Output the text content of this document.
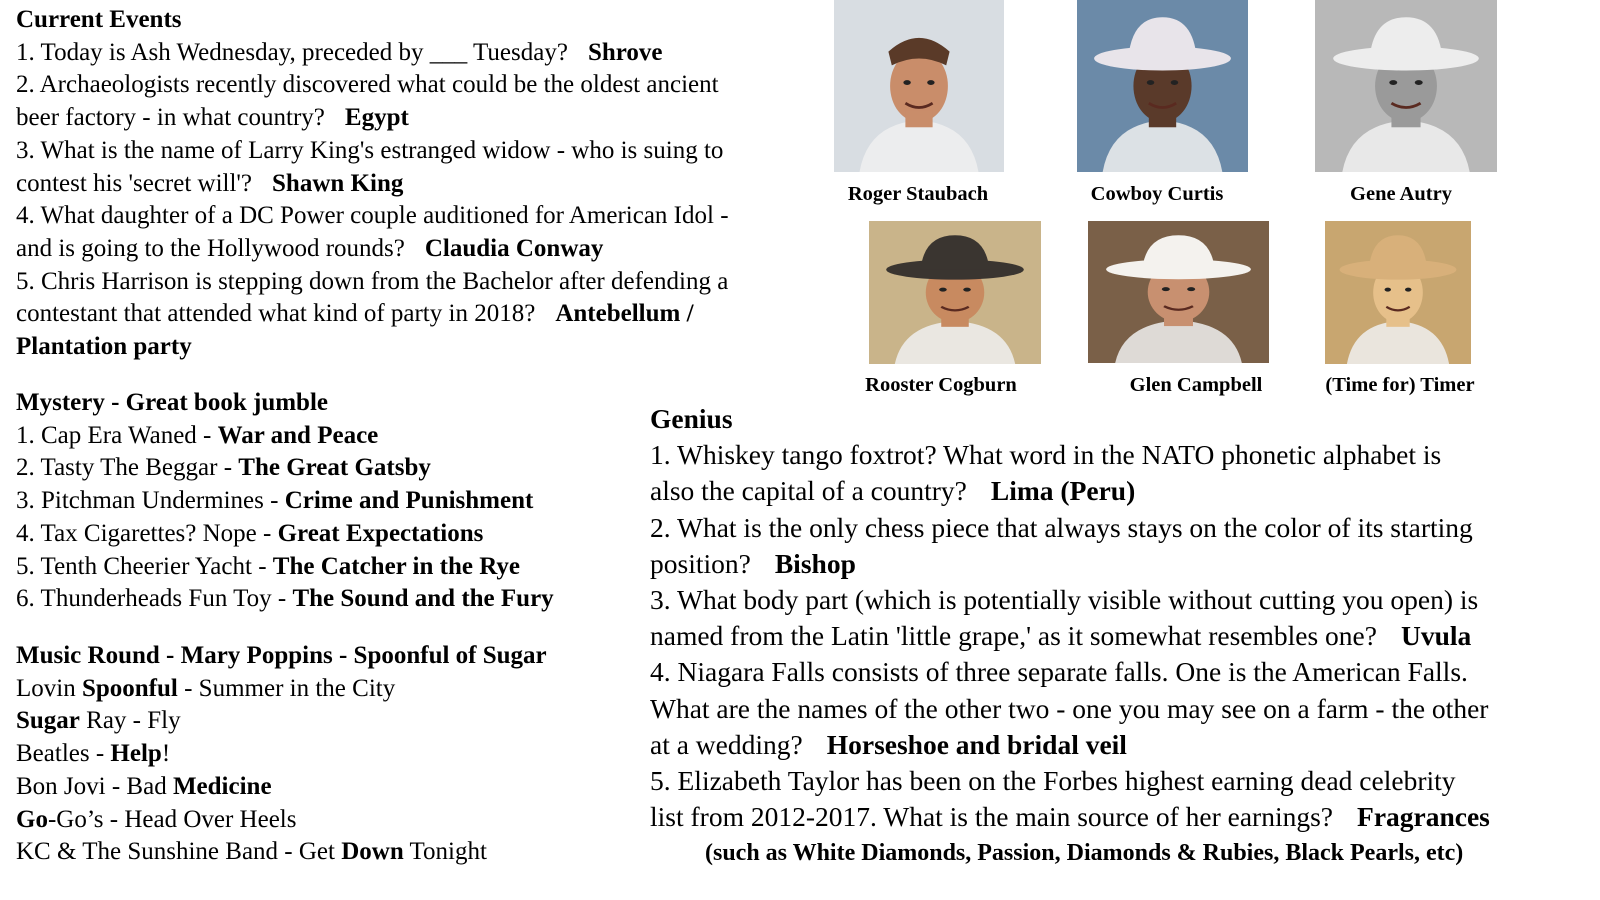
Current Events
1. Today is Ash Wednesday, preceded by ___ Tuesday? Shrove
2. Archaeologists recently discovered what could be the oldest ancient
beer factory - in what country? Egypt
3. What is the name of Larry King's estranged widow - who is suing to
contest his 'secret will'? Shawn King
4. What daughter of a DC Power couple auditioned for American Idol -
and is going to the Hollywood rounds? Claudia Conway
5. Chris Harrison is stepping down from the Bachelor after defending a
contestant that attended what kind of party in 2018? Antebellum /
Plantation party
Mystery - Great book jumble
1. Cap Era Waned - War and Peace
2. Tasty The Beggar - The Great Gatsby
3. Pitchman Undermines - Crime and Punishment
4. Tax Cigarettes? Nope - Great Expectations
5. Tenth Cheerier Yacht - The Catcher in the Rye
6. Thunderheads Fun Toy - The Sound and the Fury
Music Round - Mary Poppins - Spoonful of Sugar
Lovin Spoonful - Summer in the City
Sugar Ray - Fly
Beatles - Help!
Bon Jovi - Bad Medicine
Go-Go’s - Head Over Heels
KC & The Sunshine Band - Get Down Tonight
Genius
1. Whiskey tango foxtrot? What word in the NATO phonetic alphabet is
also the capital of a country? Lima (Peru)
2. What is the only chess piece that always stays on the color of its starting
position? Bishop
3. What body part (which is potentially visible without cutting you open) is
named from the Latin 'little grape,' as it somewhat resembles one? Uvula
4. Niagara Falls consists of three separate falls. One is the American Falls.
What are the names of the other two - one you may see on a farm - the other
at a wedding? Horseshoe and bridal veil
5. Elizabeth Taylor has been on the Forbes highest earning dead celebrity
list from 2012-2017. What is the main source of her earnings? Fragrances
(such as White Diamonds, Passion, Diamonds & Rubies, Black Pearls, etc)
Roger Staubach	Cowboy Curtis	Gene Autry
Rooster Cogburn	Glen Campbell	(Time for) Timer
